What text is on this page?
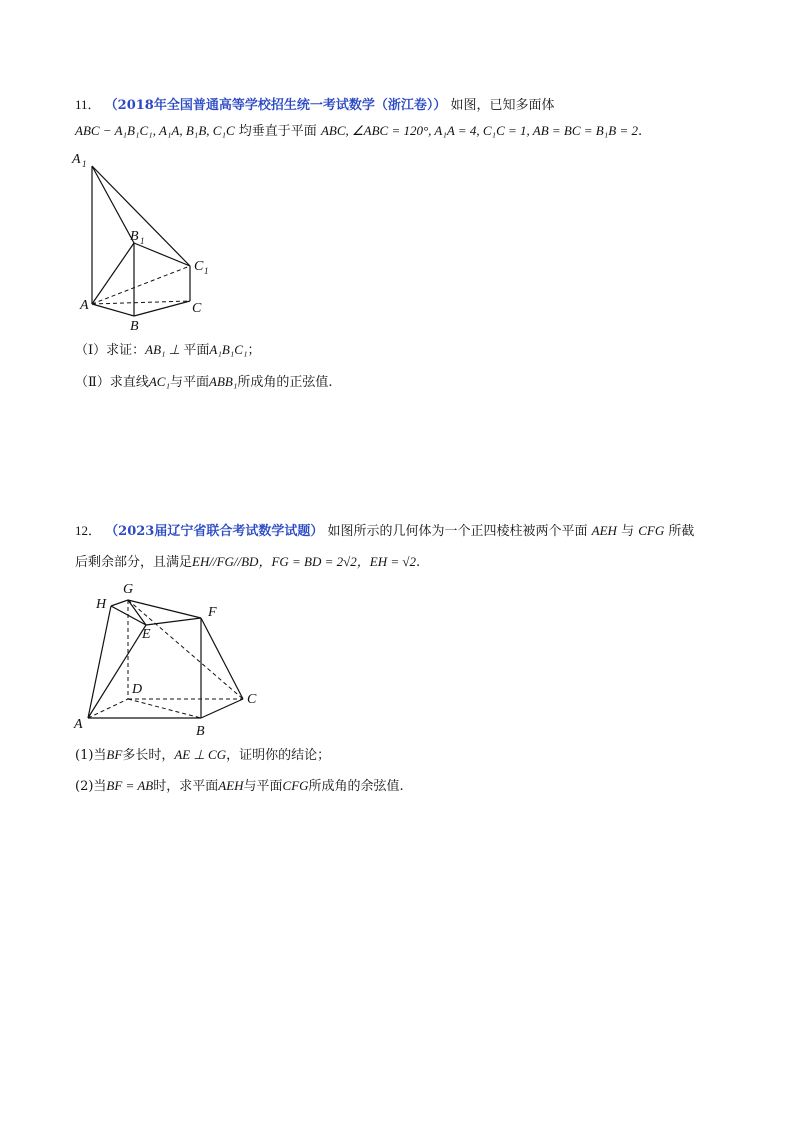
11． （2018年全国普通高等学校招生统一考试数学（浙江卷）） 如图，已知多面体
ABC − A₁B₁C₁, A₁A, B₁B, C₁C 均垂直于平面 ABC, ∠ABC = 120°, A₁A = 4, C₁C = 1, AB = BC = B₁B = 2.
（Ⅰ）求证：AB₁ ⊥ 平面A₁B₁C₁；
（Ⅱ）求直线AC₁与平面ABB₁所成角的正弦值.
A 1
B 1
C 1
A
B
C
12． （2023届辽宁省联合考试数学试题） 如图所示的几何体为一个正四棱柱被两个平面 AEH 与 CFG 所截
后剩余部分，且满足EH//FG//BD，FG = BD = 2√2，EH = √2.
(1)当BF多长时，AE ⊥ CG，证明你的结论；
(2)当BF = AB时，求平面AEH与平面CFG所成角的余弦值.
G
H
E
F
D
C
A	B
